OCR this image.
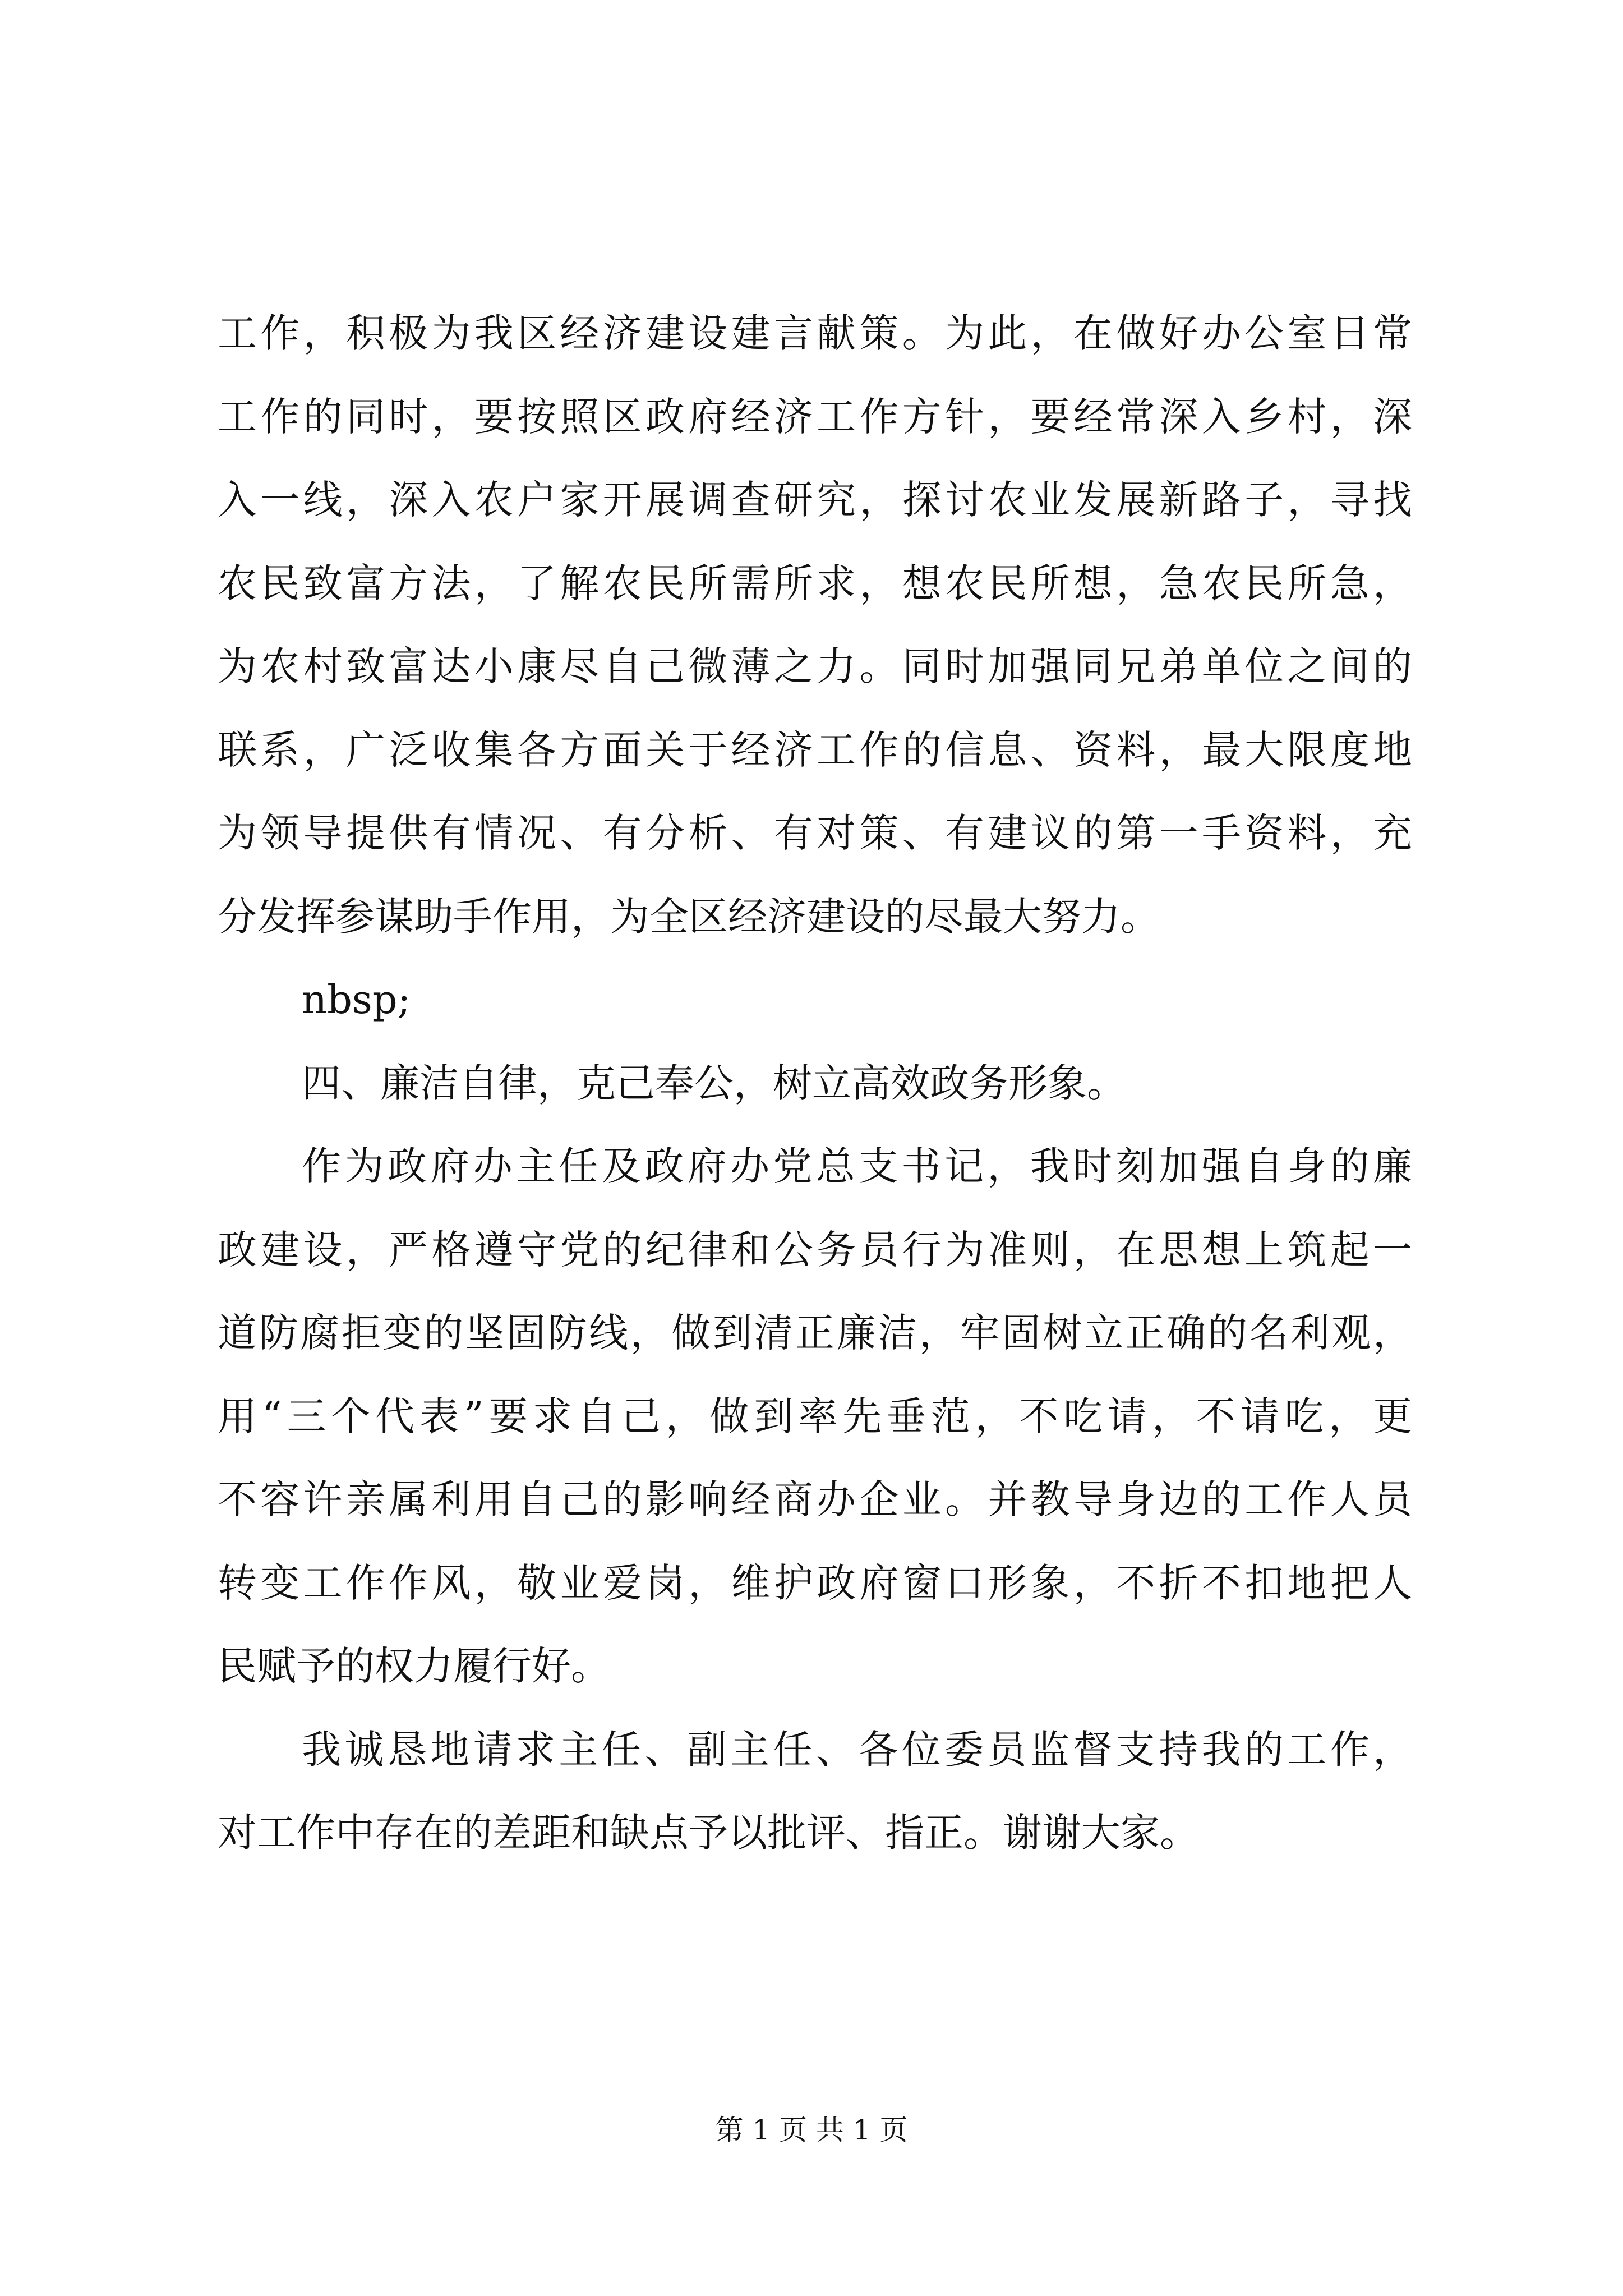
工作，积极为我区经济建设建言献策。为此，在做好办公室日常
工作的同时，要按照区政府经济工作方针，要经常深入乡村，深
入一线，深入农户家开展调查研究，探讨农业发展新路子，寻找
农民致富方法，了解农民所需所求，想农民所想，急农民所急，
为农村致富达小康尽自己微薄之力。同时加强同兄弟单位之间的
联系，广泛收集各方面关于经济工作的信息、资料，最大限度地
为领导提供有情况、有分析、有对策、有建议的第一手资料，充
分发挥参谋助手作用，为全区经济建设的尽最大努力。
nbsp;
四、廉洁自律，克己奉公，树立高效政务形象。
作为政府办主任及政府办党总支书记，我时刻加强自身的廉
政建设，严格遵守党的纪律和公务员行为准则，在思想上筑起一
道防腐拒变的坚固防线，做到清正廉洁，牢固树立正确的名利观，
用“三个代表”要求自己，做到率先垂范，不吃请，不请吃，更
不容许亲属利用自己的影响经商办企业。并教导身边的工作人员
转变工作作风，敬业爱岗，维护政府窗口形象，不折不扣地把人
民赋予的权力履行好。
我诚恳地请求主任、副主任、各位委员监督支持我的工作，
对工作中存在的差距和缺点予以批评、指正。谢谢大家。
第 1 页 共 1 页
